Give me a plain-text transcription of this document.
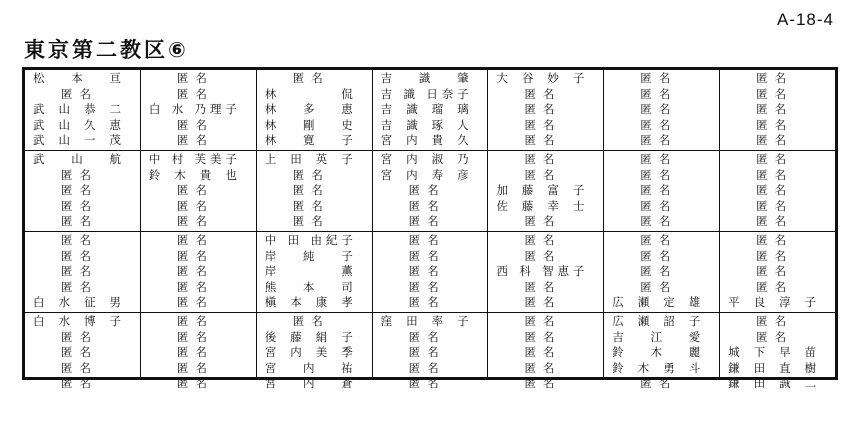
A-18-4
東京第二教区⑥
松 本 亘
匿名
武 山 恭 二
武 山 久 恵
武 山 一 茂
武 山 航
匿名
匿名
匿名
匿名
匿名
匿名
匿名
匿名
白 水 征 男
白 水 博 子
匿名
匿名
匿名
匿名
匿名
匿名
白 水 乃理子
匿名
匿名
中 村 芙美子
鈴 木 貴 也
匿名
匿名
匿名
匿名
匿名
匿名
匿名
匿名
匿名
匿名
匿名
匿名
匿名
匿名
林 侃
林 多 恵
林 剛 史
林 寛 子
上 田 英 子
匿名
匿名
匿名
匿名
中 田 由紀子
岸 純 子
岸 薫
熊 本 司
槇 本 康 孝
匿名
後 藤 絹 子
宮 内 美 季
宮 内 祐
宮 内 蒼
吉 識 肇
吉 識 日奈子
吉 識 瑠 璃
吉 識 琢 人
宮 内 貴 久
宮 内 淑 乃
宮 内 寿 彦
匿名
匿名
匿名
匿名
匿名
匿名
匿名
匿名
窪 田 率 子
匿名
匿名
匿名
匿名
大 谷 妙 子
匿名
匿名
匿名
匿名
匿名
匿名
加 藤 富 子
佐 藤 幸 士
匿名
匿名
匿名
西 科 智恵子
匿名
匿名
匿名
匿名
匿名
匿名
匿名
匿名
匿名
匿名
匿名
匿名
匿名
匿名
匿名
匿名
匿名
匿名
匿名
匿名
匿名
広 瀬 定 雄
広 瀬 詔 子
吉 江 愛
鈴 木 麗
鈴 木 勇 斗
匿名
匿名
匿名
匿名
匿名
匿名
匿名
匿名
匿名
匿名
匿名
匿名
匿名
匿名
匿名
平 良 淳 子
匿名
匿名
城 下 早 苗
鎌 田 直 樹
鎌 田 誠 二
